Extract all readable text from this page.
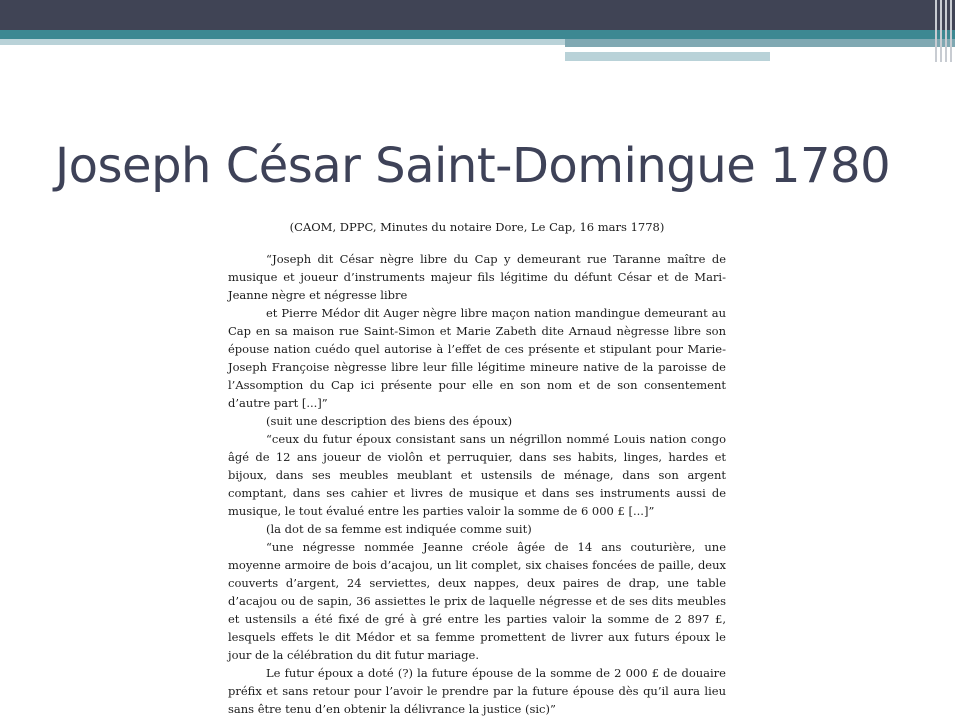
Joseph César Saint-Domingue 1780

(CAOM, DPPC, Minutes du notaire Dore, Le Cap, 16 mars 1778)

“Joseph dit César nègre libre du Cap y demeurant rue Taranne maître de musique et joueur d’instruments majeur fils légitime du défunt César et de Mari-Jeanne nègre et négresse libre

et Pierre Médor dit Auger nègre libre maçon nation mandingue demeurant au Cap en sa maison rue Saint-Simon et Marie Zabeth dite Arnaud nègresse libre son épouse nation cuédo quel autorise à l’effet de ces présente et stipulant pour Marie-Joseph Françoise nègresse libre leur fille légitime mineure native de la paroisse de l’Assomption du Cap ici présente pour elle en son nom et de son consentement d’autre part [...]”

(suit une description des biens des époux)

“ceux du futur époux consistant sans un négrillon nommé Louis nation congo âgé de 12 ans joueur de violôn et perruquier, dans ses habits, linges, hardes et bijoux, dans ses meubles meublant et ustensils de ménage, dans son argent comptant, dans ses cahier et livres de musique et dans ses instruments aussi de musique, le tout évalué entre les parties valoir la somme de 6 000 £ [...]”

(la dot de sa femme est indiquée comme suit)

“une négresse nommée Jeanne créole âgée de 14 ans couturière, une moyenne armoire de bois d’acajou, un lit complet, six chaises foncées de paille, deux couverts d’argent, 24 serviettes, deux nappes, deux paires de drap, une table d’acajou ou de sapin, 36 assiettes le prix de laquelle négresse et de ses dits meubles et ustensils a été fixé de gré à gré entre les parties valoir la somme de 2 897 £, lesquels effets le dit Médor et sa femme promettent de livrer aux futurs époux le jour de la célébration du dit futur mariage.

Le futur époux a doté (?) la future épouse de la somme de 2 000 £ de douaire préfix et sans retour pour l’avoir le prendre par la future épouse dès qu’il aura lieu sans être tenu d’en obtenir la délivrance la justice (sic)”
